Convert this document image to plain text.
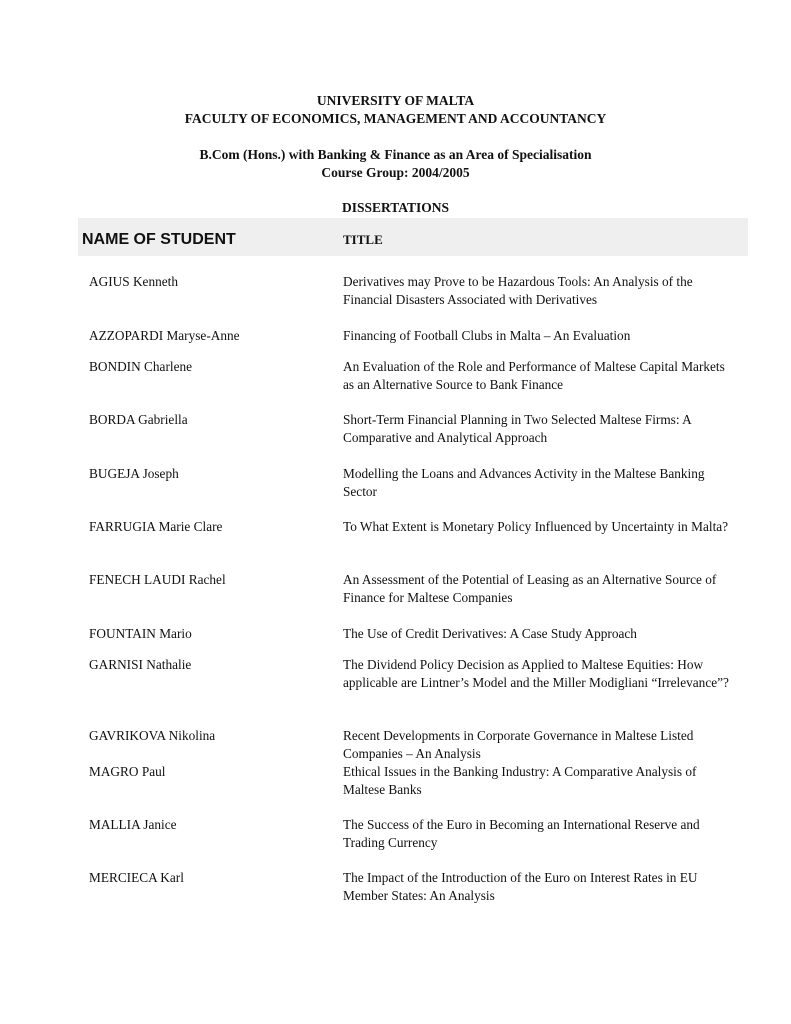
UNIVERSITY OF MALTA
FACULTY OF ECONOMICS, MANAGEMENT AND ACCOUNTANCY
B.Com (Hons.) with Banking & Finance as an Area of Specialisation
Course Group: 2004/2005
DISSERTATIONS
NAME OF STUDENT	TITLE
AGIUS Kenneth	Derivatives may Prove to be Hazardous Tools: An Analysis of the Financial Disasters Associated with Derivatives
AZZOPARDI Maryse-Anne	Financing of Football Clubs in Malta – An Evaluation
BONDIN Charlene	An Evaluation of the Role and Performance of Maltese Capital Markets as an Alternative Source to Bank Finance
BORDA Gabriella	Short-Term Financial Planning in Two Selected Maltese Firms: A Comparative and Analytical Approach
BUGEJA Joseph	Modelling the Loans and Advances Activity in the Maltese Banking Sector
FARRUGIA Marie Clare	To What Extent is Monetary Policy Influenced by Uncertainty in Malta?
FENECH LAUDI Rachel	An Assessment of the Potential of Leasing as an Alternative Source of Finance for Maltese Companies
FOUNTAIN Mario	The Use of Credit Derivatives: A Case Study Approach
GARNISI Nathalie	The Dividend Policy Decision as Applied to Maltese Equities: How applicable are Lintner’s Model and the Miller Modigliani “Irrelevance”?
GAVRIKOVA Nikolina	Recent Developments in Corporate Governance in Maltese Listed Companies – An Analysis
MAGRO Paul	Ethical Issues in the Banking Industry: A Comparative Analysis of Maltese Banks
MALLIA Janice	The Success of the Euro in Becoming an International Reserve and Trading Currency
MERCIECA Karl	The Impact of the Introduction of the Euro on Interest Rates in EU Member States: An Analysis
